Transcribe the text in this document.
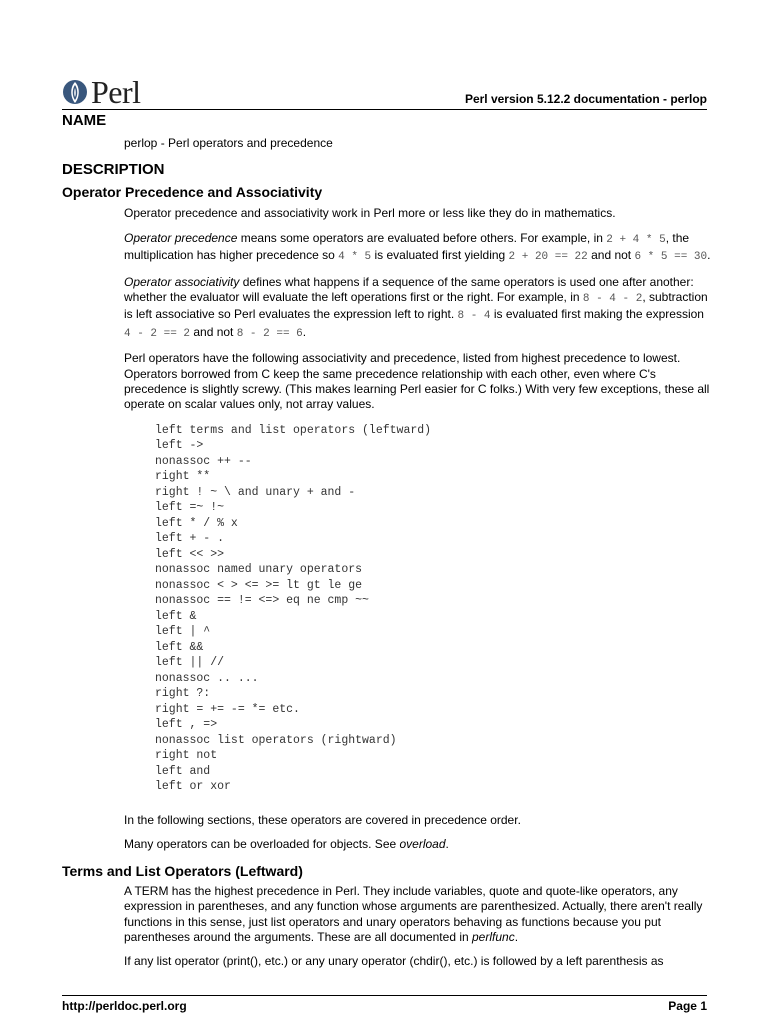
Perl	Perl version 5.12.2 documentation - perlop
NAME

perlop - Perl operators and precedence

DESCRIPTION
Operator Precedence and Associativity

Operator precedence and associativity work in Perl more or less like they do in mathematics.

Operator precedence means some operators are evaluated before others. For example, in 2 + 4 * 5, the multiplication has higher precedence so 4 * 5 is evaluated first yielding 2 + 20 == 22 and not 6 * 5 == 30.

Operator associativity defines what happens if a sequence of the same operators is used one after another: whether the evaluator will evaluate the left operations first or the right. For example, in 8 - 4 - 2, subtraction is left associative so Perl evaluates the expression left to right. 8 - 4 is evaluated first making the expression 4 - 2 == 2 and not 8 - 2 == 6.

Perl operators have the following associativity and precedence, listed from highest precedence to lowest. Operators borrowed from C keep the same precedence relationship with each other, even where C's precedence is slightly screwy. (This makes learning Perl easier for C folks.) With very few exceptions, these all operate on scalar values only, not array values.

left terms and list operators (leftward)
left ->
nonassoc ++ --
right **
right ! ~ \ and unary + and -
left =~ !~
left * / % x
left + - .
left << >>
nonassoc named unary operators
nonassoc < > <= >= lt gt le ge
nonassoc == != <=> eq ne cmp ~~
left &
left | ^
left &&
left || //
nonassoc .. ...
right ?:
right = += -= *= etc.
left , =>
nonassoc list operators (rightward)
right not
left and
left or xor

In the following sections, these operators are covered in precedence order.

Many operators can be overloaded for objects. See overload.

Terms and List Operators (Leftward)

A TERM has the highest precedence in Perl. They include variables, quote and quote-like operators, any expression in parentheses, and any function whose arguments are parenthesized. Actually, there aren't really functions in this sense, just list operators and unary operators behaving as functions because you put parentheses around the arguments. These are all documented in perlfunc.

If any list operator (print(), etc.) or any unary operator (chdir(), etc.) is followed by a left parenthesis as

http://perldoc.perl.org	Page 1
